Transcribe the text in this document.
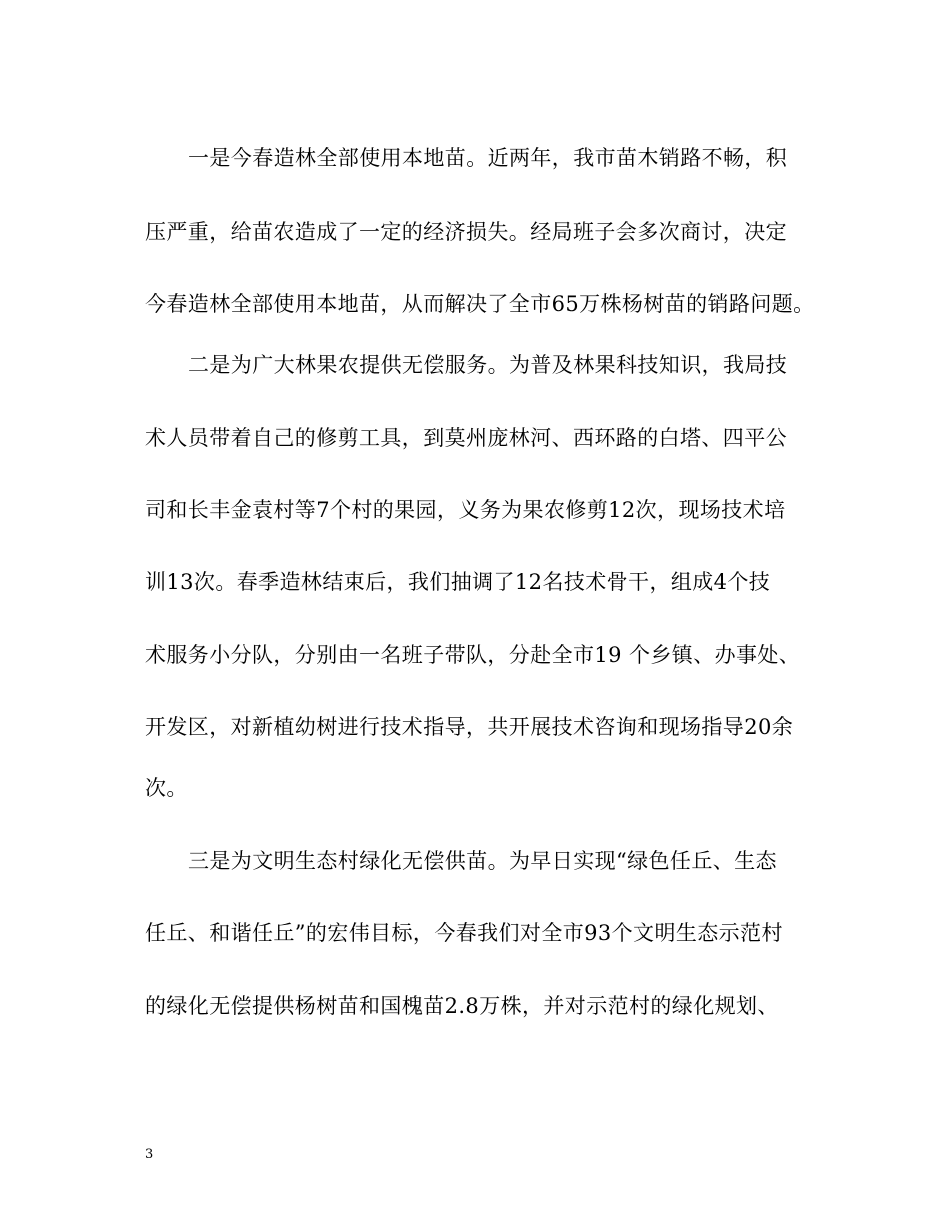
一是今春造林全部使用本地苗。近两年，我市苗木销路不畅，积
压严重，给苗农造成了一定的经济损失。经局班子会多次商讨，决定
今春造林全部使用本地苗，从而解决了全市65万株杨树苗的销路问题。
二是为广大林果农提供无偿服务。为普及林果科技知识，我局技
术人员带着自己的修剪工具，到莫州庞林河、西环路的白塔、四平公
司和长丰金袁村等7个村的果园，义务为果农修剪12次，现场技术培
训13次。春季造林结束后，我们抽调了12名技术骨干，组成4个技
术服务小分队，分别由一名班子带队，分赴全市19 个乡镇、办事处、
开发区，对新植幼树进行技术指导，共开展技术咨询和现场指导20余
次。
三是为文明生态村绿化无偿供苗。为早日实现“绿色任丘、生态
任丘、和谐任丘”的宏伟目标，今春我们对全市93个文明生态示范村
的绿化无偿提供杨树苗和国槐苗2.8万株，并对示范村的绿化规划、
3
